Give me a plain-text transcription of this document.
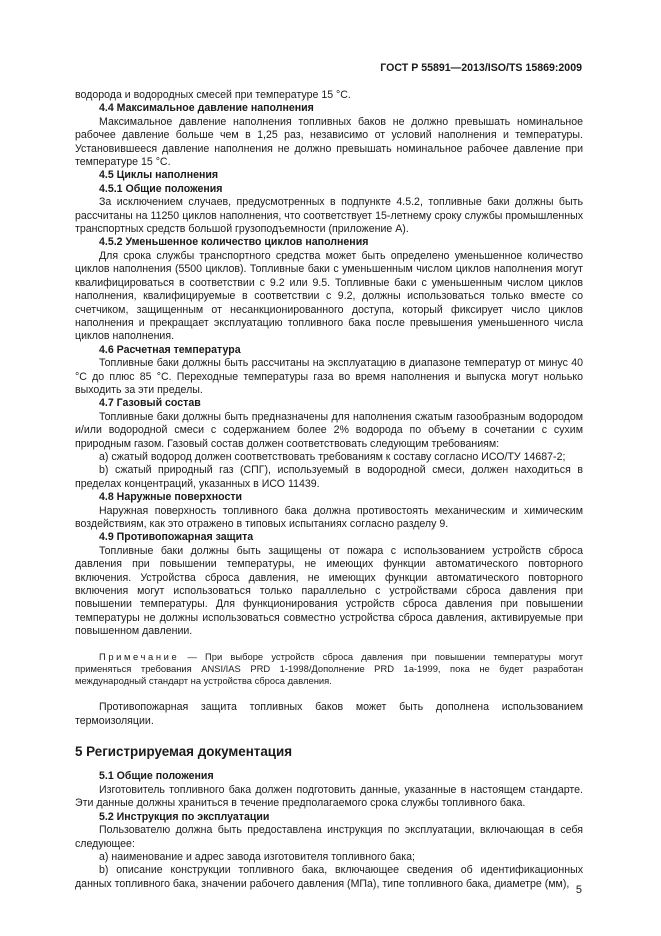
ГОСТ Р 55891—2013/ISO/TS 15869:2009

водорода и водородных смесей при температуре 15 °С.

4.4 Максимальное давление наполнения

Максимальное давление наполнения топливных баков не должно превышать номинальное рабочее давление больше чем в 1,25 раз, независимо от условий наполнения и температуры. Установившееся давление наполнения не должно превышать номинальное рабочее давление при температуре 15 °С.

4.5 Циклы наполнения

4.5.1 Общие положения

За исключением случаев, предусмотренных в подпункте 4.5.2, топливные баки должны быть рассчитаны на 11250 циклов наполнения, что соответствует 15-летнему сроку службы промышленных транспортных средств большой грузоподъемности (приложение А).

4.5.2 Уменьшенное количество циклов наполнения

Для срока службы транспортного средства может быть определено уменьшенное количество циклов наполнения (5500 циклов). Топливные баки с уменьшенным числом циклов наполнения могут квалифицироваться в соответствии с 9.2 или 9.5. Топливные баки с уменьшенным числом циклов наполнения, квалифицируемые в соответствии с 9.2, должны использоваться только вместе со счетчиком, защищенным от несанкционированного доступа, который фиксирует число циклов наполнения и прекращает эксплуатацию топливного бака после превышения уменьшенного числа циклов наполнения.

4.6 Расчетная температура

Топливные баки должны быть рассчитаны на эксплуатацию в диапазоне температур от минус 40 °С до плюс 85 °С. Переходные температуры газа во время наполнения и выпуска могут нольько выходить за эти пределы.

4.7 Газовый состав

Топливные баки должны быть предназначены для наполнения сжатым газообразным водородом и/или водородной смеси с содержанием более 2% водорода по объему в сочетании с сухим природным газом. Газовый состав должен соответствовать следующим требованиям:

а) сжатый водород должен соответствовать требованиям к составу согласно ИСО/ТУ 14687-2;

b) сжатый природный газ (СПГ), используемый в водородной смеси, должен находиться в пределах концентраций, указанных в ИСО 11439.

4.8 Наружные поверхности

Наружная поверхность топливного бака должна противостоять механическим и химическим воздействиям, как это отражено в типовых испытаниях согласно разделу 9.

4.9 Противопожарная защита

Топливные баки должны быть защищены от пожара с использованием устройств сброса давления при повышении температуры, не имеющих функции автоматического повторного включения. Устройства сброса давления, не имеющих функции автоматического повторного включения могут использоваться только параллельно с устройствами сброса давления при повышении температуры. Для функционирования устройств сброса давления при повышении температуры не должны использоваться совместно устройства сброса давления, активируемые при повышенном давлении.

Примечание — При выборе устройств сброса давления при повышении температуры могут применяться требования ANSI/IAS PRD 1-1998/Дополнение PRD 1а-1999, пока не будет разработан международный стандарт на устройства сброса давления.

Противопожарная защита топливных баков может быть дополнена использованием термоизоляции.

5 Регистрируемая документация

5.1 Общие положения

Изготовитель топливного бака должен подготовить данные, указанные в настоящем стандарте. Эти данные должны храниться в течение предполагаемого срока службы топливного бака.

5.2 Инструкция по эксплуатации

Пользователю должна быть предоставлена инструкция по эксплуатации, включающая в себя следующее:

а) наименование и адрес завода изготовителя топливного бака;

b) описание конструкции топливного бака, включающее сведения об идентификационных данных топливного бака, значении рабочего давления (МПа), типе топливного бака, диаметре (мм),

5
